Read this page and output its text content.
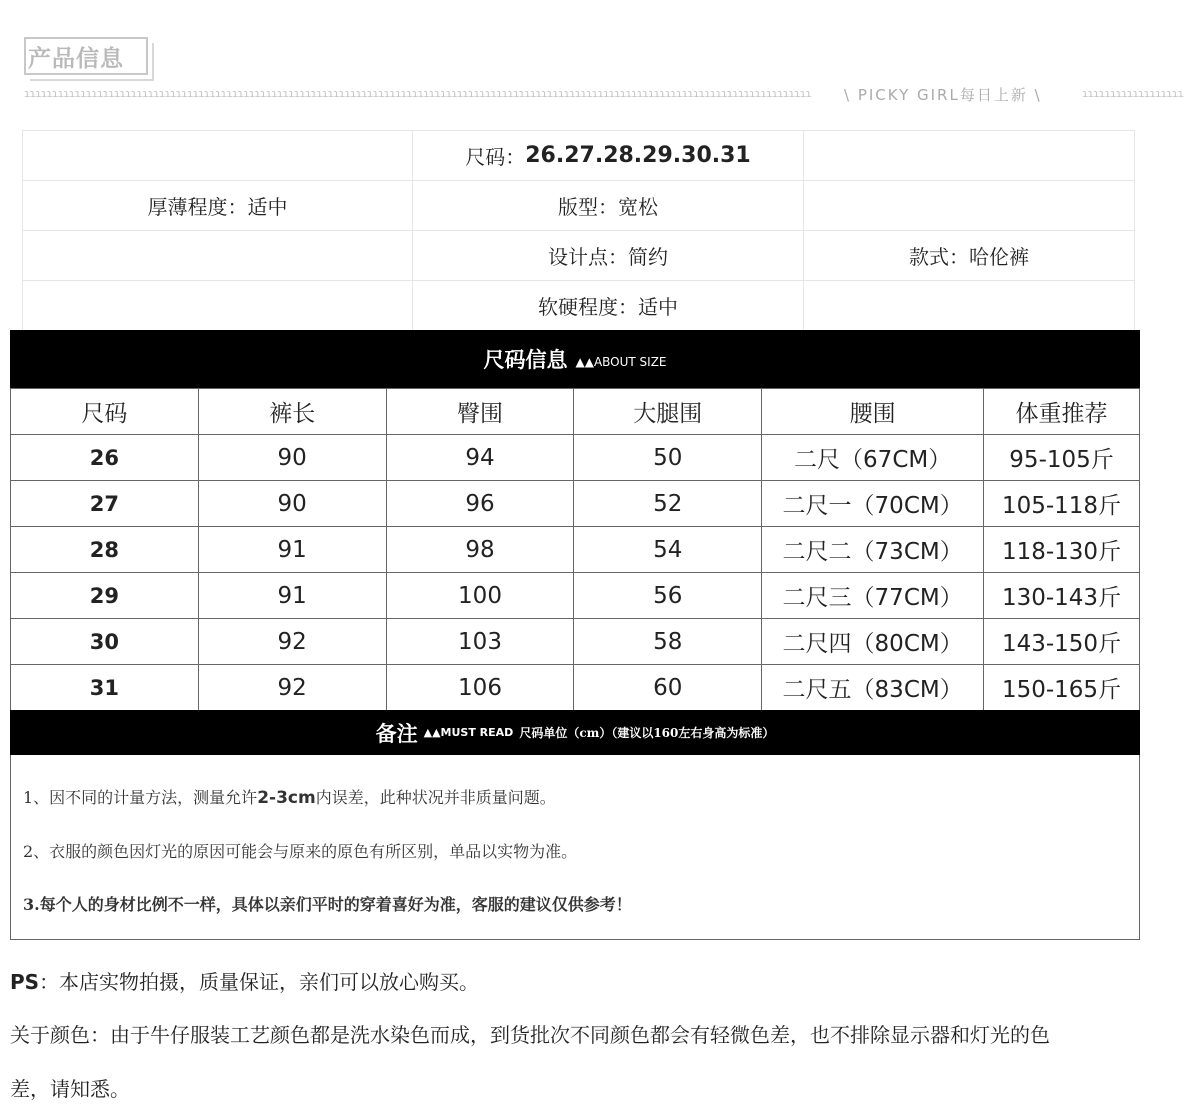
产品信息
ɿɿɿɿɿɿɿɿɿɿɿɿɿɿɿɿɿɿɿɿɿɿɿɿɿɿɿɿɿɿɿɿɿɿɿɿɿɿɿɿɿɿɿɿɿɿɿɿɿɿɿɿɿɿɿɿɿɿɿɿɿɿɿɿɿɿɿɿɿɿɿɿɿɿɿɿɿɿɿɿɿɿɿɿɿɿɿɿɿɿɿɿɿɿɿɿɿɿɿɿɿɿɿɿɿɿɿɿɿɿɿɿɿɿɿɿɿɿɿɿɿɿɿɿɿɿɿɿɿɿɿɿɿɿɿɿɿɿɿɿ	\ PICKY GIRL每日上新 \	ɿɿɿɿɿɿɿɿɿɿɿɿɿɿɿɿɿɿ
尺码： 26.27.28.29.30.31
厚薄程度：适中	版型：宽松
设计点：简约	款式：哈伦裤
软硬程度：适中
尺码信息 ▲▲ABOUT SIZE
尺码	裤长	臀围	大腿围	腰围	体重推荐
26	90	94	50	二尺（67CM）	95-105斤
27	90	96	52	二尺一（70CM）	105-118斤
28	91	98	54	二尺二（73CM）	118-130斤
29	91	100	56	二尺三（77CM）	130-143斤
30	92	103	58	二尺四（80CM）	143-150斤
31	92	106	60	二尺五（83CM）	150-165斤
备注 ▲▲MUST READ 尺码单位（cm）（建议以160左右身高为标准）
1、因不同的计量方法，测量允许2-3cm内误差，此种状况并非质量问题。
2、衣服的颜色因灯光的原因可能会与原来的原色有所区别，单品以实物为准。
3.每个人的身材比例不一样，具体以亲们平时的穿着喜好为准，客服的建议仅供参考！
PS：本店实物拍摄，质量保证，亲们可以放心购买。
关于颜色：由于牛仔服装工艺颜色都是洗水染色而成，到货批次不同颜色都会有轻微色差，也不排除显示器和灯光的色
差，请知悉。
